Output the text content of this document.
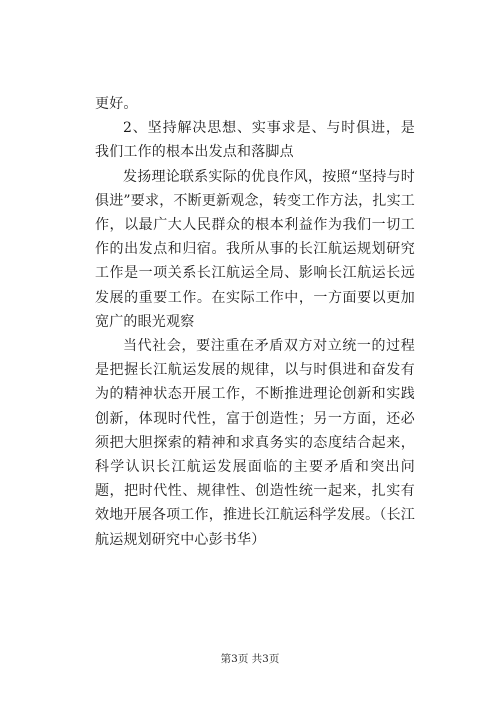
更好。

2、坚持解决思想、实事求是、与时俱进，是我们工作的根本出发点和落脚点

发扬理论联系实际的优良作风，按照“坚持与时俱进”要求，不断更新观念，转变工作方法，扎实工作，以最广大人民群众的根本利益作为我们一切工作的出发点和归宿。我所从事的长江航运规划研究工作是一项关系长江航运全局、影响长江航运长远发展的重要工作。在实际工作中，一方面要以更加宽广的眼光观察

当代社会，要注重在矛盾双方对立统一的过程是把握长江航运发展的规律，以与时俱进和奋发有为的精神状态开展工作，不断推进理论创新和实践创新，体现时代性，富于创造性；另一方面，还必须把大胆探索的精神和求真务实的态度结合起来，科学认识长江航运发展面临的主要矛盾和突出问题，把时代性、规律性、创造性统一起来，扎实有效地开展各项工作，推进长江航运科学发展。（长江航运规划研究中心彭书华）

第3页 共3页
